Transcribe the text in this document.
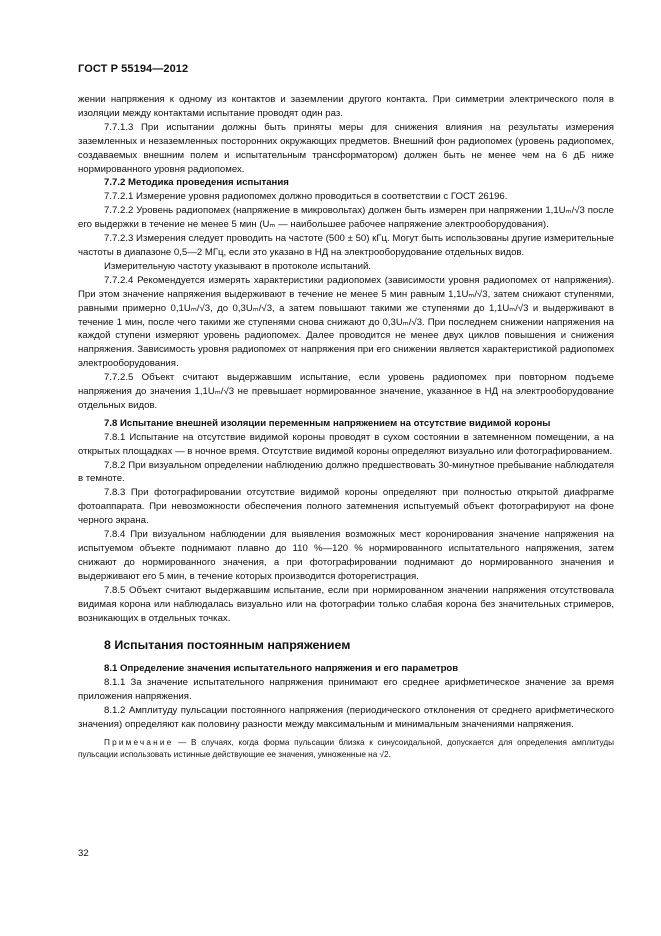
ГОСТ Р 55194—2012

жении напряжения к одному из контактов и заземлении другого контакта. При симметрии электрического поля в изоляции между контактами испытание проводят один раз.

7.7.1.3 При испытании должны быть приняты меры для снижения влияния на результаты измерения заземленных и незаземленных посторонних окружающих предметов. Внешний фон радиопомех (уровень радиопомех, создаваемых внешним полем и испытательным трансформатором) должен быть не менее чем на 6 дБ ниже нормированного уровня радиопомех.

7.7.2 Методика проведения испытания

7.7.2.1 Измерение уровня радиопомех должно проводиться в соответствии с ГОСТ 26196.

7.7.2.2 Уровень радиопомех (напряжение в микровольтах) должен быть измерен при напряжении 1,1Uₘ/√3 после его выдержки в течение не менее 5 мин (Uₘ — наибольшее рабочее напряжение электрооборудования).

7.7.2.3 Измерения следует проводить на частоте (500 ± 50) кГц. Могут быть использованы другие измерительные частоты в диапазоне 0,5—2 МГц, если это указано в НД на электрооборудование отдельных видов.

Измерительную частоту указывают в протоколе испытаний.

7.7.2.4 Рекомендуется измерять характеристики радиопомех (зависимости уровня радиопомех от напряжения). При этом значение напряжения выдерживают в течение не менее 5 мин равным 1,1Uₘ/√3, затем снижают ступенями, равными примерно 0,1Uₘ/√3, до 0,3Uₘ/√3, а затем повышают такими же ступенями до 1,1Uₘ/√3 и выдерживают в течение 1 мин, после чего такими же ступенями снова снижают до 0,3Uₘ/√3. При последнем снижении напряжения на каждой ступени измеряют уровень радиопомех. Далее проводится не менее двух циклов повышения и снижения напряжения. Зависимость уровня радиопомех от напряжения при его снижении является характеристикой радиопомех электрооборудования.

7.7.2.5 Объект считают выдержавшим испытание, если уровень радиопомех при повторном подъеме напряжения до значения 1,1Uₘ/√3 не превышает нормированное значение, указанное в НД на электрооборудование отдельных видов.

7.8 Испытание внешней изоляции переменным напряжением на отсутствие видимой короны

7.8.1 Испытание на отсутствие видимой короны проводят в сухом состоянии в затемненном помещении, а на открытых площадках — в ночное время. Отсутствие видимой короны определяют визуально или фотографированием.

7.8.2 При визуальном определении наблюдению должно предшествовать 30-минутное пребывание наблюдателя в темноте.

7.8.3 При фотографировании отсутствие видимой короны определяют при полностью открытой диафрагме фотоаппарата. При невозможности обеспечения полного затемнения испытуемый объект фотографируют на фоне черного экрана.

7.8.4 При визуальном наблюдении для выявления возможных мест коронирования значение напряжения на испытуемом объекте поднимают плавно до 110 %—120 % нормированного испытательного напряжения, затем снижают до нормированного значения, а при фотографировании поднимают до нормированного значения и выдерживают его 5 мин, в течение которых производится фоторегистрация.

7.8.5 Объект считают выдержавшим испытание, если при нормированном значении напряжения отсутствовала видимая корона или наблюдалась визуально или на фотографии только слабая корона без значительных стримеров, возникающих в отдельных точках.

8 Испытания постоянным напряжением

8.1 Определение значения испытательного напряжения и его параметров

8.1.1 За значение испытательного напряжения принимают его среднее арифметическое значение за время приложения напряжения.

8.1.2 Амплитуду пульсации постоянного напряжения (периодического отклонения от среднего арифметического значения) определяют как половину разности между максимальным и минимальным значениями напряжения.

Примечание — В случаях, когда форма пульсации близка к синусоидальной, допускается для определения амплитуды пульсации использовать истинные действующие ее значения, умноженные на √2.

32
